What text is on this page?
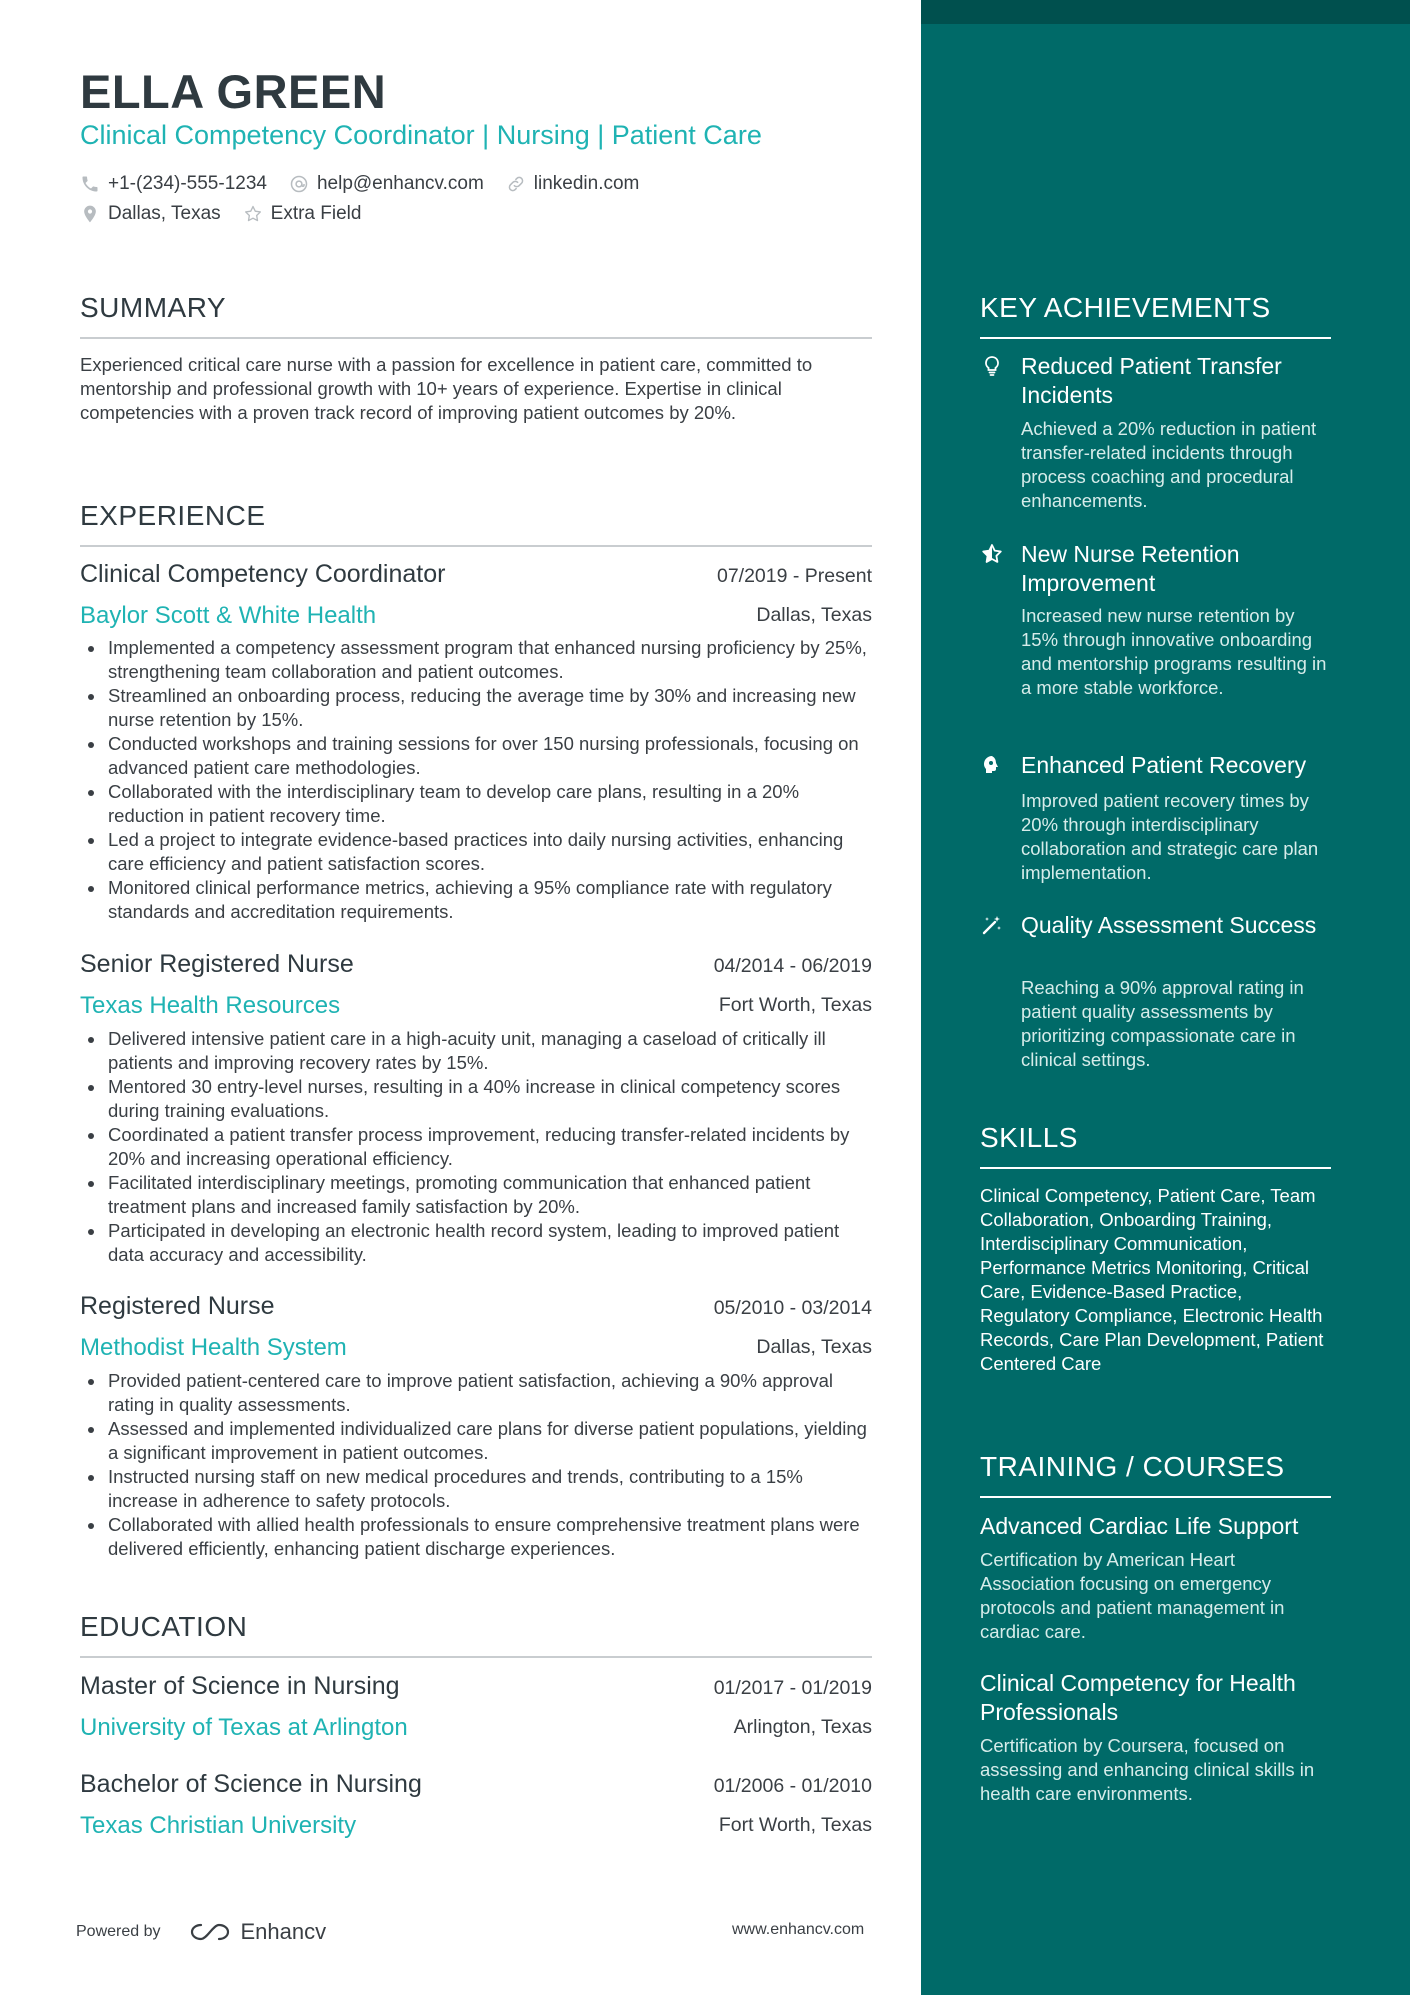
ELLA GREEN
Clinical Competency Coordinator | Nursing | Patient Care
+1-(234)-555-1234	help@enhancv.com	linkedin.com
Dallas, Texas	Extra Field
SUMMARY
Experienced critical care nurse with a passion for excellence in patient care, committed to mentorship and professional growth with 10+ years of experience. Expertise in clinical competencies with a proven track record of improving patient outcomes by 20%.
EXPERIENCE
Clinical Competency Coordinator	07/2019 - Present
Baylor Scott & White Health	Dallas, Texas
Implemented a competency assessment program that enhanced nursing proficiency by 25%, strengthening team collaboration and patient outcomes.
Streamlined an onboarding process, reducing the average time by 30% and increasing new nurse retention by 15%.
Conducted workshops and training sessions for over 150 nursing professionals, focusing on advanced patient care methodologies.
Collaborated with the interdisciplinary team to develop care plans, resulting in a 20% reduction in patient recovery time.
Led a project to integrate evidence-based practices into daily nursing activities, enhancing care efficiency and patient satisfaction scores.
Monitored clinical performance metrics, achieving a 95% compliance rate with regulatory standards and accreditation requirements.
Senior Registered Nurse	04/2014 - 06/2019
Texas Health Resources	Fort Worth, Texas
Delivered intensive patient care in a high-acuity unit, managing a caseload of critically ill patients and improving recovery rates by 15%.
Mentored 30 entry-level nurses, resulting in a 40% increase in clinical competency scores during training evaluations.
Coordinated a patient transfer process improvement, reducing transfer-related incidents by 20% and increasing operational efficiency.
Facilitated interdisciplinary meetings, promoting communication that enhanced patient treatment plans and increased family satisfaction by 20%.
Participated in developing an electronic health record system, leading to improved patient data accuracy and accessibility.
Registered Nurse	05/2010 - 03/2014
Methodist Health System	Dallas, Texas
Provided patient-centered care to improve patient satisfaction, achieving a 90% approval rating in quality assessments.
Assessed and implemented individualized care plans for diverse patient populations, yielding a significant improvement in patient outcomes.
Instructed nursing staff on new medical procedures and trends, contributing to a 15% increase in adherence to safety protocols.
Collaborated with allied health professionals to ensure comprehensive treatment plans were delivered efficiently, enhancing patient discharge experiences.
EDUCATION
Master of Science in Nursing	01/2017 - 01/2019
University of Texas at Arlington	Arlington, Texas
Bachelor of Science in Nursing	01/2006 - 01/2010
Texas Christian University	Fort Worth, Texas
Powered by	Enhancv	www.enhancv.com
KEY ACHIEVEMENTS
Reduced Patient Transfer Incidents
Achieved a 20% reduction in patient transfer-related incidents through process coaching and procedural enhancements.
New Nurse Retention Improvement
Increased new nurse retention by 15% through innovative onboarding and mentorship programs resulting in a more stable workforce.
Enhanced Patient Recovery
Improved patient recovery times by 20% through interdisciplinary collaboration and strategic care plan implementation.
Quality Assessment Success
Reaching a 90% approval rating in patient quality assessments by prioritizing compassionate care in clinical settings.
SKILLS
Clinical Competency, Patient Care, Team Collaboration, Onboarding Training, Interdisciplinary Communication, Performance Metrics Monitoring, Critical Care, Evidence-Based Practice, Regulatory Compliance, Electronic Health Records, Care Plan Development, Patient Centered Care
TRAINING / COURSES
Advanced Cardiac Life Support
Certification by American Heart Association focusing on emergency protocols and patient management in cardiac care.
Clinical Competency for Health Professionals
Certification by Coursera, focused on assessing and enhancing clinical skills in health care environments.
